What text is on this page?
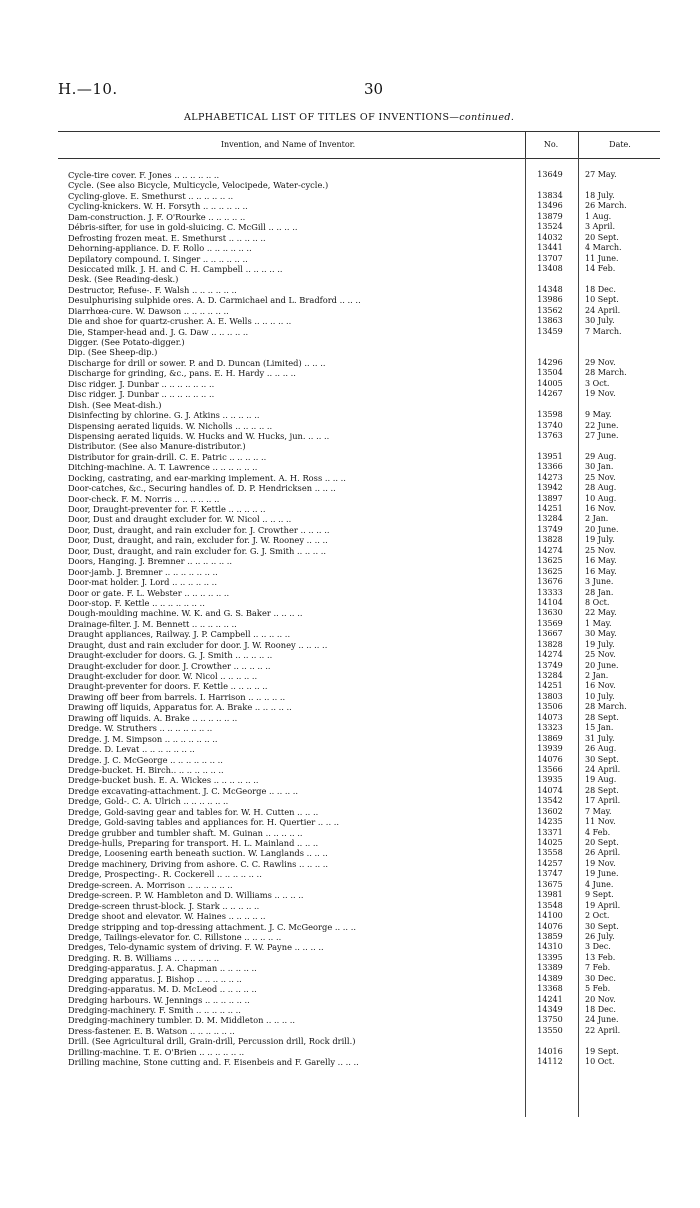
H.—10.	30
ALPHABETICAL LIST OF TITLES OF INVENTIONS—continued.
Invention, and Name of Inventor.	No.	Date.
Cycle-tire cover. F. Jones .. .. .. .. .. ..	13649	27 May.
Cycle. (See also Bicycle, Multicycle, Velocipede, Water-cycle.)
Cycling-glove. E. Smethurst .. .. .. .. .. ..	13834	18 July.
Cycling-knickers. W. H. Forsyth .. .. .. .. .. ..	13496	26 March.
Dam-construction. J. F. O'Rourke .. .. .. .. ..	13879	1 Aug.
Débris-sifter, for use in gold-sluicing. C. McGill .. .. .. ..	13524	3 April.
Defrosting frozen meat. E. Smethurst .. .. .. .. ..	14032	20 Sept.
Dehorning-appliance. D. F. Rollo .. .. .. .. .. ..	13441	4 March.
Depilatory compound. I. Singer .. .. .. .. .. ..	13707	11 June.
Desiccated milk. J. H. and C. H. Campbell .. .. .. .. ..	13408	14 Feb.
Desk. (See Reading-desk.)
Destructor, Refuse-. F. Walsh .. .. .. .. .. ..	14348	18 Dec.
Desulphurising sulphide ores. A. D. Carmichael and L. Bradford .. .. ..	13986	10 Sept.
Diarrhœa-cure. W. Dawson .. .. .. .. .. ..	13562	24 April.
Die and shoe for quartz-crusher. A. E. Wells .. .. .. .. ..	13863	30 July.
Die, Stamper-head and. J. G. Daw .. .. .. .. ..	13459	7 March.
Digger. (See Potato-digger.)
Dip. (See Sheep-dip.)
Discharge for drill or sower. P. and D. Duncan (Limited) .. .. ..	14296	29 Nov.
Discharge for grinding, &c., pans. E. H. Hardy .. .. .. ..	13504	28 March.
Disc ridger. J. Dunbar .. .. .. .. .. .. ..	14005	3 Oct.
Disc ridger. J. Dunbar .. .. .. .. .. .. ..	14267	19 Nov.
Dish. (See Meat-dish.)
Disinfecting by chlorine. G. J. Atkins .. .. .. .. ..	13598	9 May.
Dispensing aerated liquids. W. Nicholls .. .. .. .. ..	13740	22 June.
Dispensing aerated liquids. W. Hucks and W. Hucks, jun. .. .. ..	13763	27 June.
Distributor. (See also Manure-distributor.)
Distributor for grain-drill. C. E. Patric .. .. .. .. ..	13951	29 Aug.
Ditching-machine. A. T. Lawrence .. .. .. .. .. ..	13366	30 Jan.
Docking, castrating, and ear-marking implement. A. H. Ross .. .. ..	14273	25 Nov.
Door-catches, &c., Securing handles of. D. P. Hendricksen .. .. ..	13942	28 Aug.
Door-check. F. M. Norris .. .. .. .. .. ..	13897	10 Aug.
Door, Draught-preventer for. F. Kettle .. .. .. .. ..	14251	16 Nov.
Door, Dust and draught excluder for. W. Nicol .. .. .. ..	13284	2 Jan.
Door, Dust, draught, and rain excluder for. J. Crowther .. .. .. ..	13749	20 June.
Door, Dust, draught, and rain, excluder for. J. W. Rooney .. .. ..	13828	19 July.
Door, Dust, draught, and rain excluder for. G. J. Smith .. .. .. ..	14274	25 Nov.
Doors, Hanging. J. Bremner .. .. .. .. .. ..	13625	16 May.
Door-jamb. J. Bremner .. .. .. .. .. .. ..	13625	16 May.
Door-mat holder. J. Lord .. .. .. .. .. ..	13676	3 June.
Door or gate. F. L. Webster .. .. .. .. .. ..	13333	28 Jan.
Door-stop. F. Kettle .. .. .. .. .. .. ..	14104	8 Oct.
Dough-moulding machine. W. K. and G. S. Baker .. .. .. ..	13630	22 May.
Drainage-filter. J. M. Bennett .. .. .. .. .. ..	13569	1 May.
Draught appliances, Railway. J. P. Campbell .. .. .. .. ..	13667	30 May.
Draught, dust and rain excluder for door. J. W. Rooney .. .. .. ..	13828	19 July.
Draught-excluder for doors. G. J. Smith .. .. .. .. ..	14274	25 Nov.
Draught-excluder for door. J. Crowther .. .. .. .. ..	13749	20 June.
Draught-excluder for door. W. Nicol .. .. .. .. ..	13284	2 Jan.
Draught-preventer for doors. F. Kettle .. .. .. .. ..	14251	16 Nov.
Drawing off beer from barrels. I. Harrison .. .. .. .. ..	13803	10 July.
Drawing off liquids, Apparatus for. A. Brake .. .. .. .. ..	13506	28 March.
Drawing off liquids. A. Brake .. .. .. .. .. ..	14073	28 Sept.
Dredge. W. Struthers .. .. .. .. .. .. ..	13323	15 Jan.
Dredge. J. M. Simpson .. .. .. .. .. .. ..	13869	31 July.
Dredge. D. Levat .. .. .. .. .. .. ..	13939	26 Aug.
Dredge. J. C. McGeorge .. .. .. .. .. .. ..	14076	30 Sept.
Dredge-bucket. H. Birch.. .. .. .. .. .. ..	13566	24 April.
Dredge-bucket bush. E. A. Wickes .. .. .. .. .. ..	13935	19 Aug.
Dredge excavating-attachment. J. C. McGeorge .. .. .. ..	14074	28 Sept.
Dredge, Gold-. C. A. Ulrich .. .. .. .. .. ..	13542	17 April.
Dredge, Gold-saving gear and tables for. W. H. Cutten .. .. ..	13602	7 May.
Dredge, Gold-saving tables and appliances for. H. Quertier .. .. ..	14235	11 Nov.
Dredge grubber and tumbler shaft. M. Guinan .. .. .. .. ..	13371	4 Feb.
Dredge-hulls, Preparing for transport. H. L. Mainland .. .. ..	14025	20 Sept.
Dredge, Loosening earth beneath suction. W. Langlands .. .. ..	13558	26 April.
Dredge machinery, Driving from ashore. C. C. Rawlins .. .. .. ..	14257	19 Nov.
Dredge, Prospecting-. R. Cockerell .. .. .. .. .. ..	13747	19 June.
Dredge-screen. A. Morrison .. .. .. .. .. ..	13675	4 June.
Dredge-screen. P. W. Hambleton and D. Williams .. .. .. ..	13981	9 Sept.
Dredge-screen thrust-block. J. Stark .. .. .. .. ..	13548	19 April.
Dredge shoot and elevator. W. Haines .. .. .. .. ..	14100	2 Oct.
Dredge stripping and top-dressing attachment. J. C. McGeorge .. .. ..	14076	30 Sept.
Dredge, Tailings-elevator for. C. Rillstone .. .. .. .. ..	13859	26 July.
Dredges, Telo-dynamic system of driving. F. W. Payne .. .. .. ..	14310	3 Dec.
Dredging. R. B. Williams .. .. .. .. .. ..	13395	13 Feb.
Dredging-apparatus. J. A. Chapman .. .. .. .. ..	13389	7 Feb.
Dredging apparatus. J. Bishop .. .. .. .. .. ..	14389	30 Dec.
Dredging-apparatus. M. D. McLeod .. .. .. .. ..	13368	5 Feb.
Dredging harbours. W. Jennings .. .. .. .. .. ..	14241	20 Nov.
Dredging-machinery. F. Smith .. .. .. .. .. ..	14349	18 Dec.
Dredging-machinery tumbler. D. M. Middleton .. .. .. ..	13750	24 June.
Dress-fastener. E. B. Watson .. .. .. .. .. ..	13550	22 April.
Drill. (See Agricultural drill, Grain-drill, Percussion drill, Rock drill.)
Drilling-machine. T. E. O'Brien .. .. .. .. .. ..	14016	19 Sept.
Drilling machine, Stone cutting and. F. Eisenbeis and F. Garelly .. .. ..	14112	10 Oct.
